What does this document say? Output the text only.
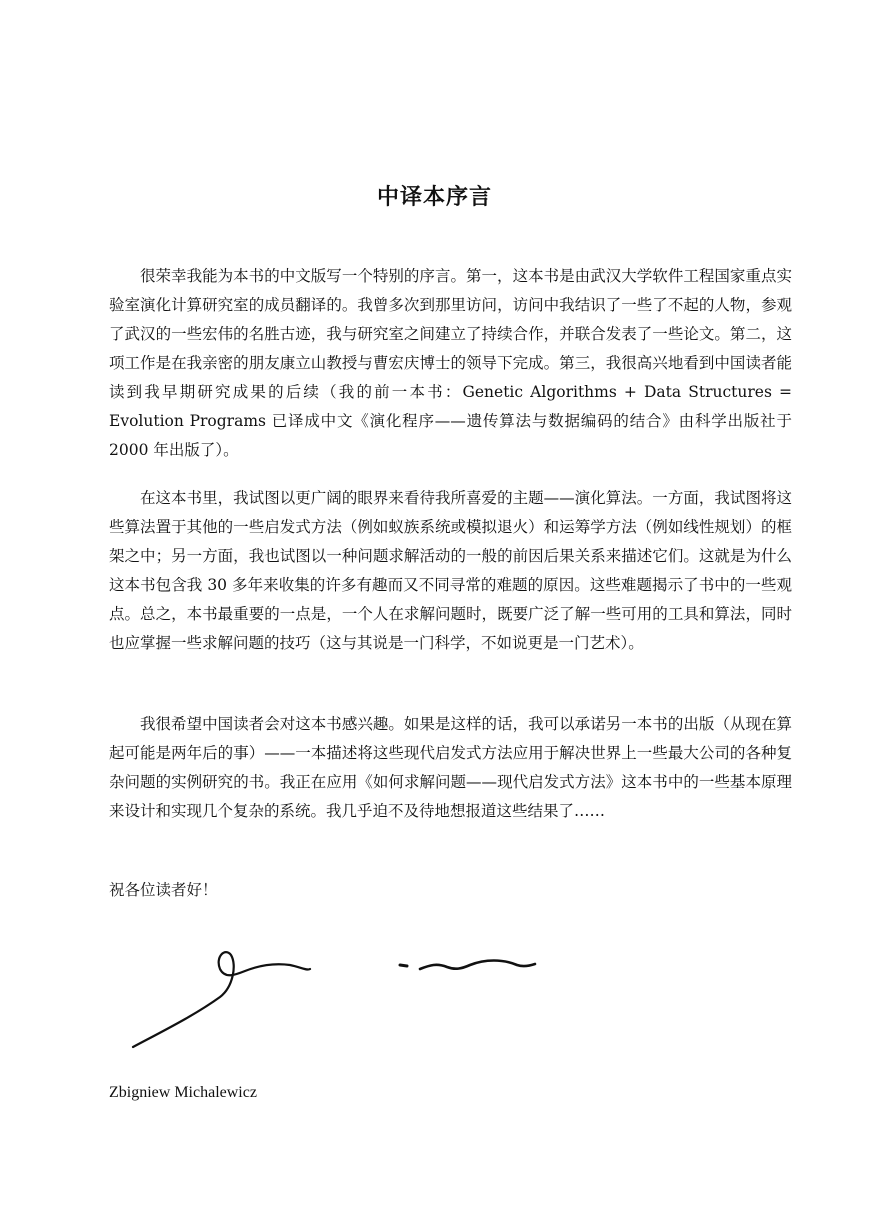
中译本序言

很荣幸我能为本书的中文版写一个特别的序言。第一，这本书是由武汉大学软件工程国家重点实验室演化计算研究室的成员翻译的。我曾多次到那里访问，访问中我结识了一些了不起的人物，参观了武汉的一些宏伟的名胜古迹，我与研究室之间建立了持续合作，并联合发表了一些论文。第二，这项工作是在我亲密的朋友康立山教授与曹宏庆博士的领导下完成。第三，我很高兴地看到中国读者能读到我早期研究成果的后续（我的前一本书：Genetic Algorithms + Data Structures = Evolution Programs 已译成中文《演化程序——遗传算法与数据编码的结合》由科学出版社于 2000 年出版了）。

在这本书里，我试图以更广阔的眼界来看待我所喜爱的主题——演化算法。一方面，我试图将这些算法置于其他的一些启发式方法（例如蚁族系统或模拟退火）和运筹学方法（例如线性规划）的框架之中；另一方面，我也试图以一种问题求解活动的一般的前因后果关系来描述它们。这就是为什么这本书包含我 30 多年来收集的许多有趣而又不同寻常的难题的原因。这些难题揭示了书中的一些观点。总之，本书最重要的一点是，一个人在求解问题时，既要广泛了解一些可用的工具和算法，同时也应掌握一些求解问题的技巧（这与其说是一门科学，不如说更是一门艺术）。

我很希望中国读者会对这本书感兴趣。如果是这样的话，我可以承诺另一本书的出版（从现在算起可能是两年后的事）——一本描述将这些现代启发式方法应用于解决世界上一些最大公司的各种复杂问题的实例研究的书。我正在应用《如何求解问题——现代启发式方法》这本书中的一些基本原理来设计和实现几个复杂的系统。我几乎迫不及待地想报道这些结果了……

祝各位读者好！

Zbigniew Michalewicz
